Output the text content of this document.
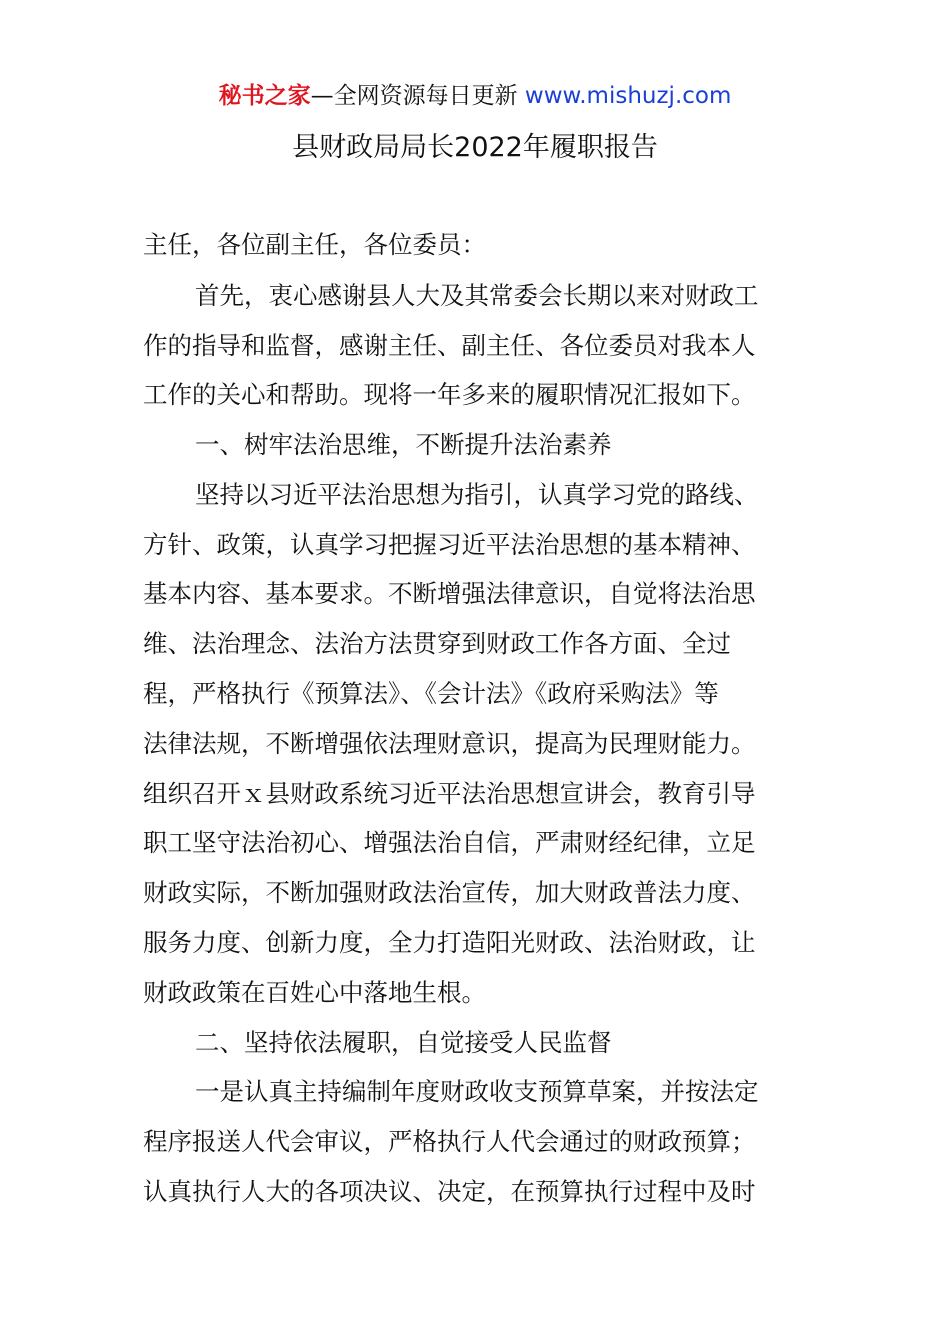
秘书之家—全网资源每日更新 www.mishuzj.com
县财政局局长2022年履职报告
主任，各位副主任，各位委员：
首先，衷心感谢县人大及其常委会长期以来对财政工
作的指导和监督，感谢主任、副主任、各位委员对我本人
工作的关心和帮助。现将一年多来的履职情况汇报如下。
一、树牢法治思维，不断提升法治素养
坚持以习近平法治思想为指引，认真学习党的路线、
方针、政策，认真学习把握习近平法治思想的基本精神、
基本内容、基本要求。不断增强法律意识，自觉将法治思
维、法治理念、法治方法贯穿到财政工作各方面、全过
程，严格执行《预算法》、《会计法》《政府采购法》等
法律法规，不断增强依法理财意识，提高为民理财能力。
组织召开ｘ县财政系统习近平法治思想宣讲会，教育引导
职工坚守法治初心、增强法治自信，严肃财经纪律，立足
财政实际，不断加强财政法治宣传，加大财政普法力度、
服务力度、创新力度，全力打造阳光财政、法治财政，让
财政政策在百姓心中落地生根。
二、坚持依法履职，自觉接受人民监督
一是认真主持编制年度财政收支预算草案，并按法定
程序报送人代会审议，严格执行人代会通过的财政预算；
认真执行人大的各项决议、决定，在预算执行过程中及时
